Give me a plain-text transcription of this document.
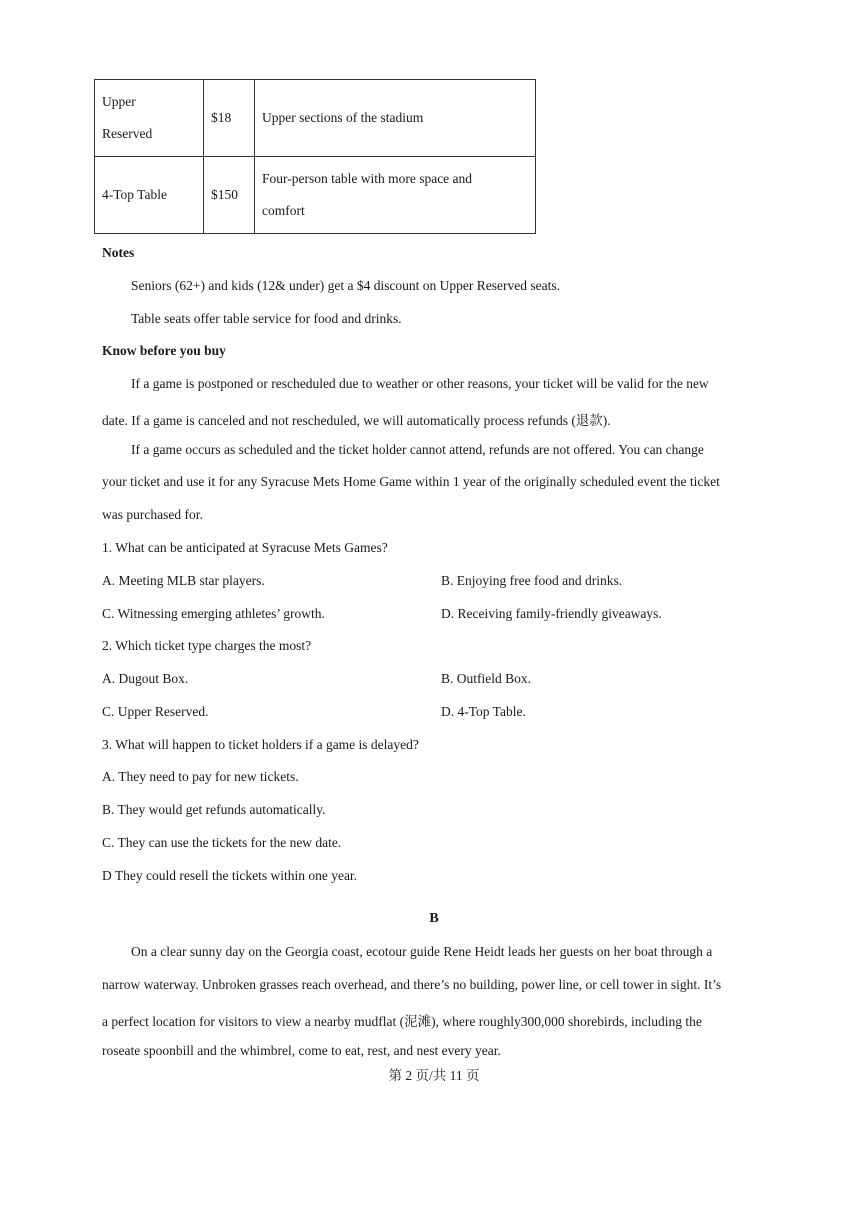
Upper
Reserved	$18	Upper sections of the stadium
4-Top Table	$150	Four-person table with more space and
comfort
Notes
Seniors (62+) and kids (12& under) get a $4 discount on Upper Reserved seats.
Table seats offer table service for food and drinks.
Know before you buy
If a game is postponed or rescheduled due to weather or other reasons, your ticket will be valid for the new
date. If a game is canceled and not rescheduled, we will automatically process refunds (退款).
If a game occurs as scheduled and the ticket holder cannot attend, refunds are not offered. You can change
your ticket and use it for any Syracuse Mets Home Game within 1 year of the originally scheduled event the ticket
was purchased for.
1. What can be anticipated at Syracuse Mets Games?
A. Meeting MLB star players.	B. Enjoying free food and drinks.
C. Witnessing emerging athletes’ growth.	D. Receiving family-friendly giveaways.
2. Which ticket type charges the most?
A. Dugout Box.	B. Outfield Box.
C. Upper Reserved.	D. 4-Top Table.
3. What will happen to ticket holders if a game is delayed?
A. They need to pay for new tickets.
B. They would get refunds automatically.
C. They can use the tickets for the new date.
D They could resell the tickets within one year.
B
On a clear sunny day on the Georgia coast, ecotour guide Rene Heidt leads her guests on her boat through a
narrow waterway. Unbroken grasses reach overhead, and there’s no building, power line, or cell tower in sight. It’s
a perfect location for visitors to view a nearby mudflat (泥滩), where roughly300,000 shorebirds, including the
roseate spoonbill and the whimbrel, come to eat, rest, and nest every year.
第 2 页/共 11 页
